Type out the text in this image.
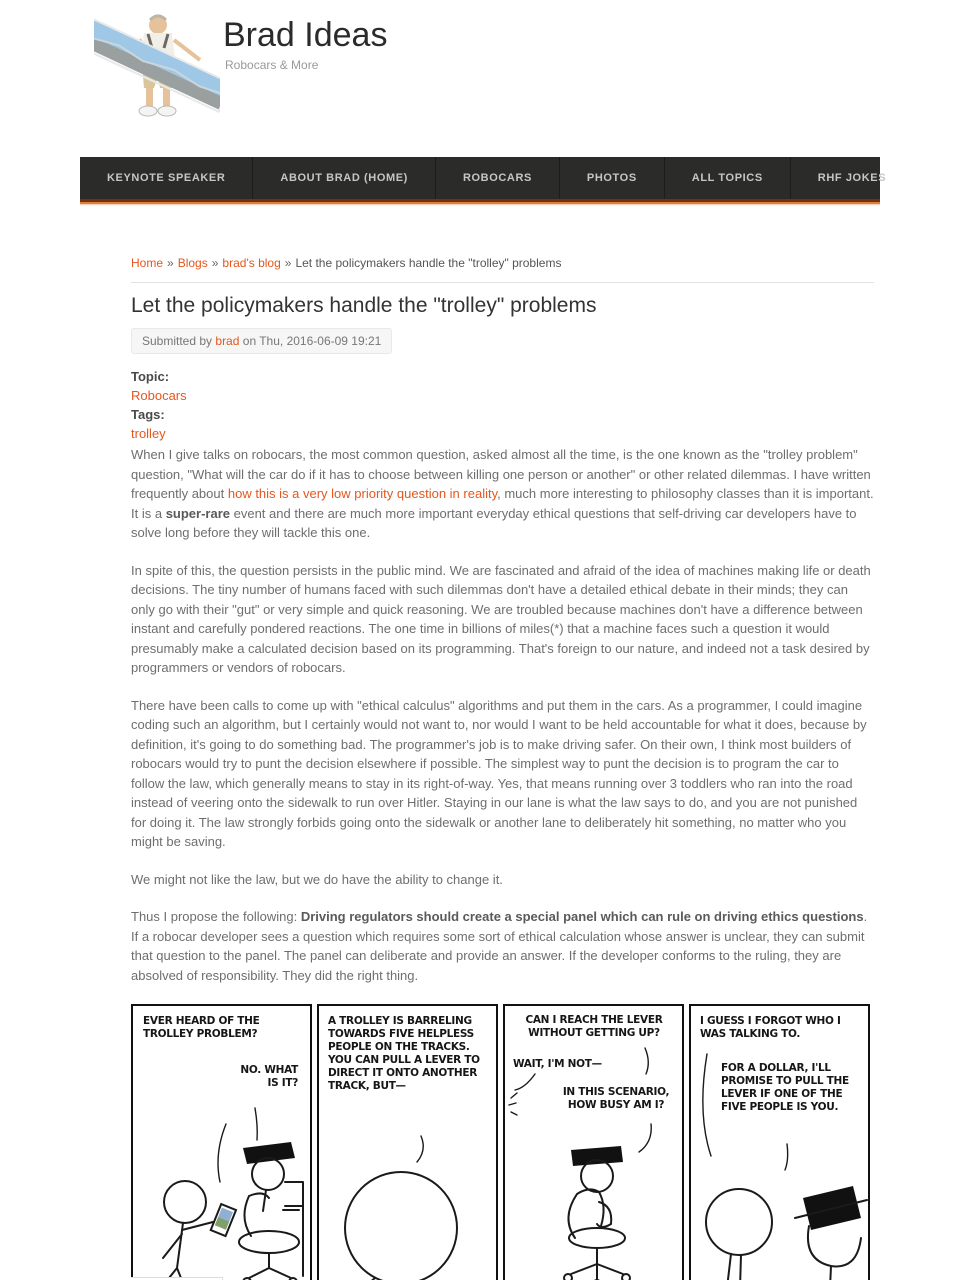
Brad Ideas
Robocars & More
KEYNOTE SPEAKER	ABOUT BRAD (HOME)	ROBOCARS	PHOTOS	ALL TOPICS	RHF JOKES
Home » Blogs » brad's blog » Let the policymakers handle the "trolley" problems
Let the policymakers handle the "trolley" problems
Submitted by brad on Thu, 2016-06-09 19:21
Topic:
Robocars
Tags:
trolley

When I give talks on robocars, the most common question, asked almost all the time, is the one known as the "trolley problem" question, "What will the car do if it has to choose between killing one person or another" or other related dilemmas. I have written frequently about how this is a very low priority question in reality, much more interesting to philosophy classes than it is important. It is a super-rare event and there are much more important everyday ethical questions that self-driving car developers have to solve long before they will tackle this one.

In spite of this, the question persists in the public mind. We are fascinated and afraid of the idea of machines making life or death decisions. The tiny number of humans faced with such dilemmas don't have a detailed ethical debate in their minds; they can only go with their "gut" or very simple and quick reasoning. We are troubled because machines don't have a difference between instant and carefully pondered reactions. The one time in billions of miles(*) that a machine faces such a question it would presumably make a calculated decision based on its programming. That's foreign to our nature, and indeed not a task desired by programmers or vendors of robocars.

There have been calls to come up with "ethical calculus" algorithms and put them in the cars. As a programmer, I could imagine coding such an algorithm, but I certainly would not want to, nor would I want to be held accountable for what it does, because by definition, it's going to do something bad. The programmer's job is to make driving safer. On their own, I think most builders of robocars would try to punt the decision elsewhere if possible. The simplest way to punt the decision is to program the car to follow the law, which generally means to stay in its right-of-way. Yes, that means running over 3 toddlers who ran into the road instead of veering onto the sidewalk to run over Hitler. Staying in our lane is what the law says to do, and you are not punished for doing it. The law strongly forbids going onto the sidewalk or another lane to deliberately hit something, no matter who you might be saving.

We might not like the law, but we do have the ability to change it.

Thus I propose the following: Driving regulators should create a special panel which can rule on driving ethics questions. If a robocar developer sees a question which requires some sort of ethical calculation whose answer is unclear, they can submit that question to the panel. The panel can deliberate and provide an answer. If the developer conforms to the ruling, they are absolved of responsibility. They did the right thing.

EVER HEARD OF THE TROLLEY PROBLEM?
NO. WHAT IS IT?
A TROLLEY IS BARRELING TOWARDS FIVE HELPLESS PEOPLE ON THE TRACKS. YOU CAN PULL A LEVER TO DIRECT IT ONTO ANOTHER TRACK, BUT—
CAN I REACH THE LEVER WITHOUT GETTING UP?
WAIT, I'M NOT—
IN THIS SCENARIO, HOW BUSY AM I?
I GUESS I FORGOT WHO I WAS TALKING TO.
FOR A DOLLAR, I'LL PROMISE TO PULL THE LEVER IF ONE OF THE FIVE PEOPLE IS YOU.
